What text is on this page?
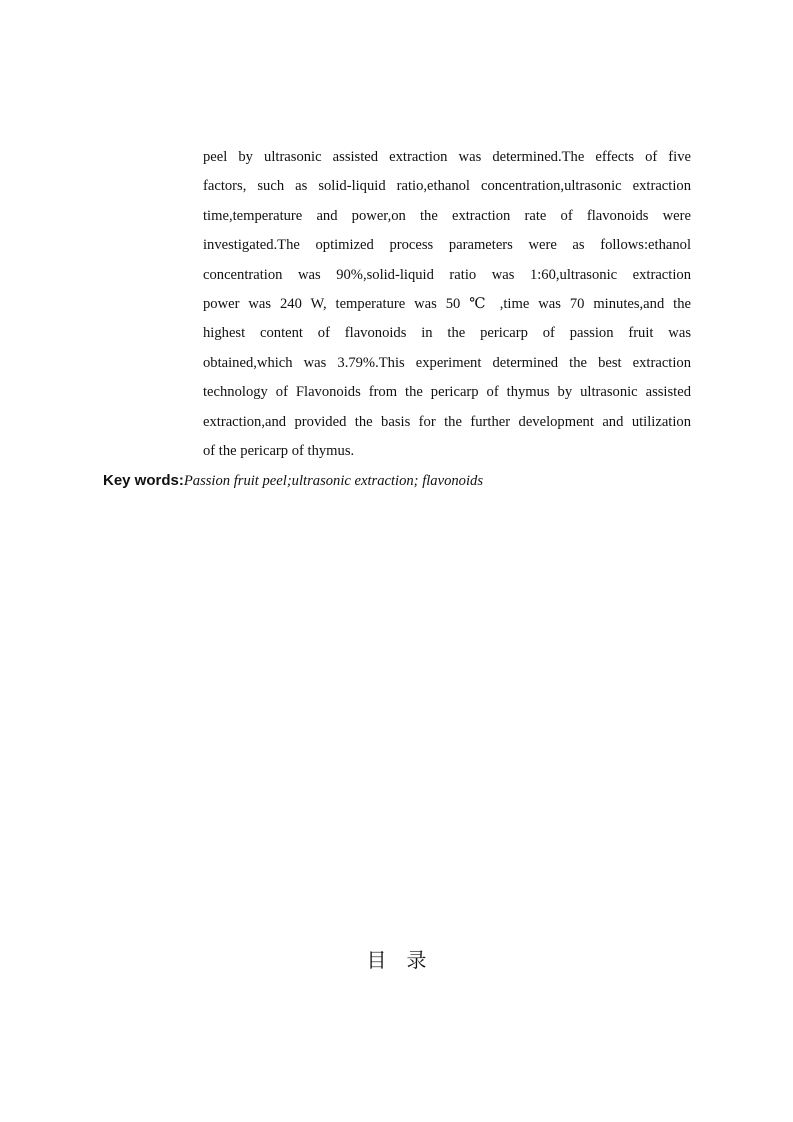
peel by ultrasonic assisted extraction was determined.The effects of five
factors, such as solid-liquid ratio,ethanol concentration,ultrasonic extraction
time,temperature and power,on the extraction rate of flavonoids were
investigated.The optimized process parameters were as follows:ethanol
concentration was 90%,solid-liquid ratio was 1:60,ultrasonic extraction
power was 240 W, temperature was 50 ℃ ,time was 70 minutes,and the
highest content of flavonoids in the pericarp of passion fruit was
obtained,which was 3.79%.This experiment determined the best extraction
technology of Flavonoids from the pericarp of thymus by ultrasonic assisted
extraction,and provided the basis for the further development and utilization
of the pericarp of thymus.
Key words:Passion fruit peel;ultrasonic extraction; flavonoids
目　录
